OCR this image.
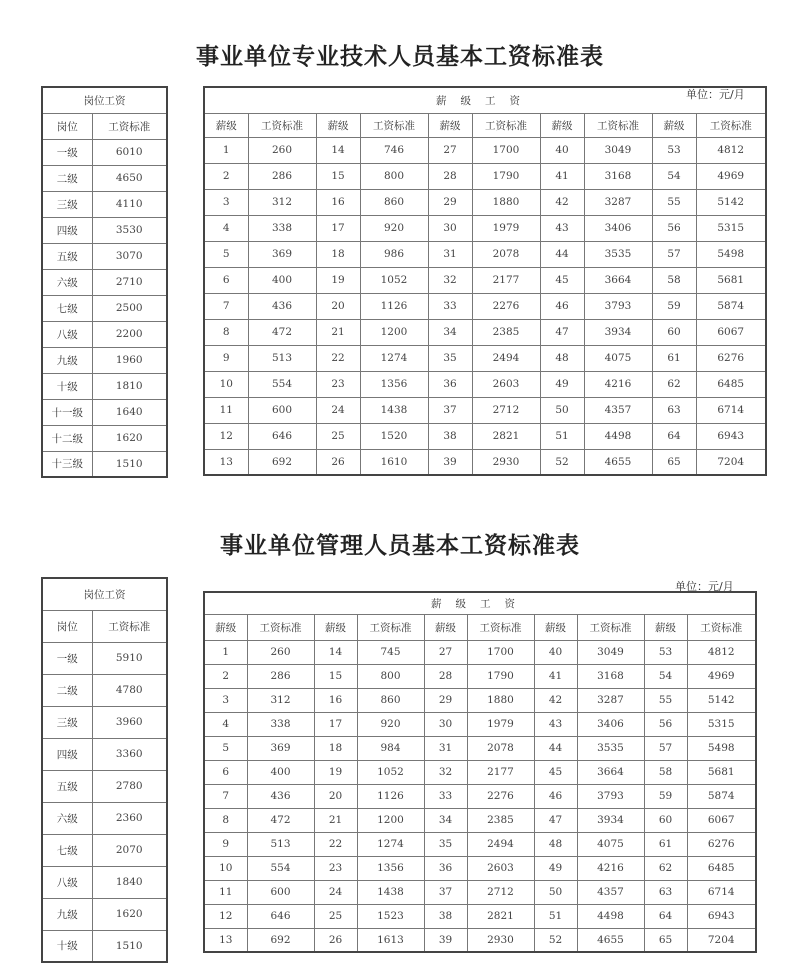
事业单位专业技术人员基本工资标准表
单位：元/月
岗位工资	
岗位	工资标准
一级	6010
二级	4650
三级	4110
四级	3530
五级	3070
六级	2710
七级	2500
八级	2200
九级	1960
十级	1810
十一级	1640
十二级	1620
十三级	1510
薪级工资									
薪级	工资标准	薪级	工资标准	薪级	工资标准	薪级	工资标准	薪级	工资标准
1	260	14	746	27	1700	40	3049	53	4812
2	286	15	800	28	1790	41	3168	54	4969
3	312	16	860	29	1880	42	3287	55	5142
4	338	17	920	30	1979	43	3406	56	5315
5	369	18	986	31	2078	44	3535	57	5498
6	400	19	1052	32	2177	45	3664	58	5681
7	436	20	1126	33	2276	46	3793	59	5874
8	472	21	1200	34	2385	47	3934	60	6067
9	513	22	1274	35	2494	48	4075	61	6276
10	554	23	1356	36	2603	49	4216	62	6485
11	600	24	1438	37	2712	50	4357	63	6714
12	646	25	1520	38	2821	51	4498	64	6943
13	692	26	1610	39	2930	52	4655	65	7204
事业单位管理人员基本工资标准表
单位：元/月
岗位工资	
岗位	工资标准
一级	5910
二级	4780
三级	3960
四级	3360
五级	2780
六级	2360
七级	2070
八级	1840
九级	1620
十级	1510
薪级工资									
薪级	工资标准	薪级	工资标准	薪级	工资标准	薪级	工资标准	薪级	工资标准
1	260	14	745	27	1700	40	3049	53	4812
2	286	15	800	28	1790	41	3168	54	4969
3	312	16	860	29	1880	42	3287	55	5142
4	338	17	920	30	1979	43	3406	56	5315
5	369	18	984	31	2078	44	3535	57	5498
6	400	19	1052	32	2177	45	3664	58	5681
7	436	20	1126	33	2276	46	3793	59	5874
8	472	21	1200	34	2385	47	3934	60	6067
9	513	22	1274	35	2494	48	4075	61	6276
10	554	23	1356	36	2603	49	4216	62	6485
11	600	24	1438	37	2712	50	4357	63	6714
12	646	25	1523	38	2821	51	4498	64	6943
13	692	26	1613	39	2930	52	4655	65	7204
